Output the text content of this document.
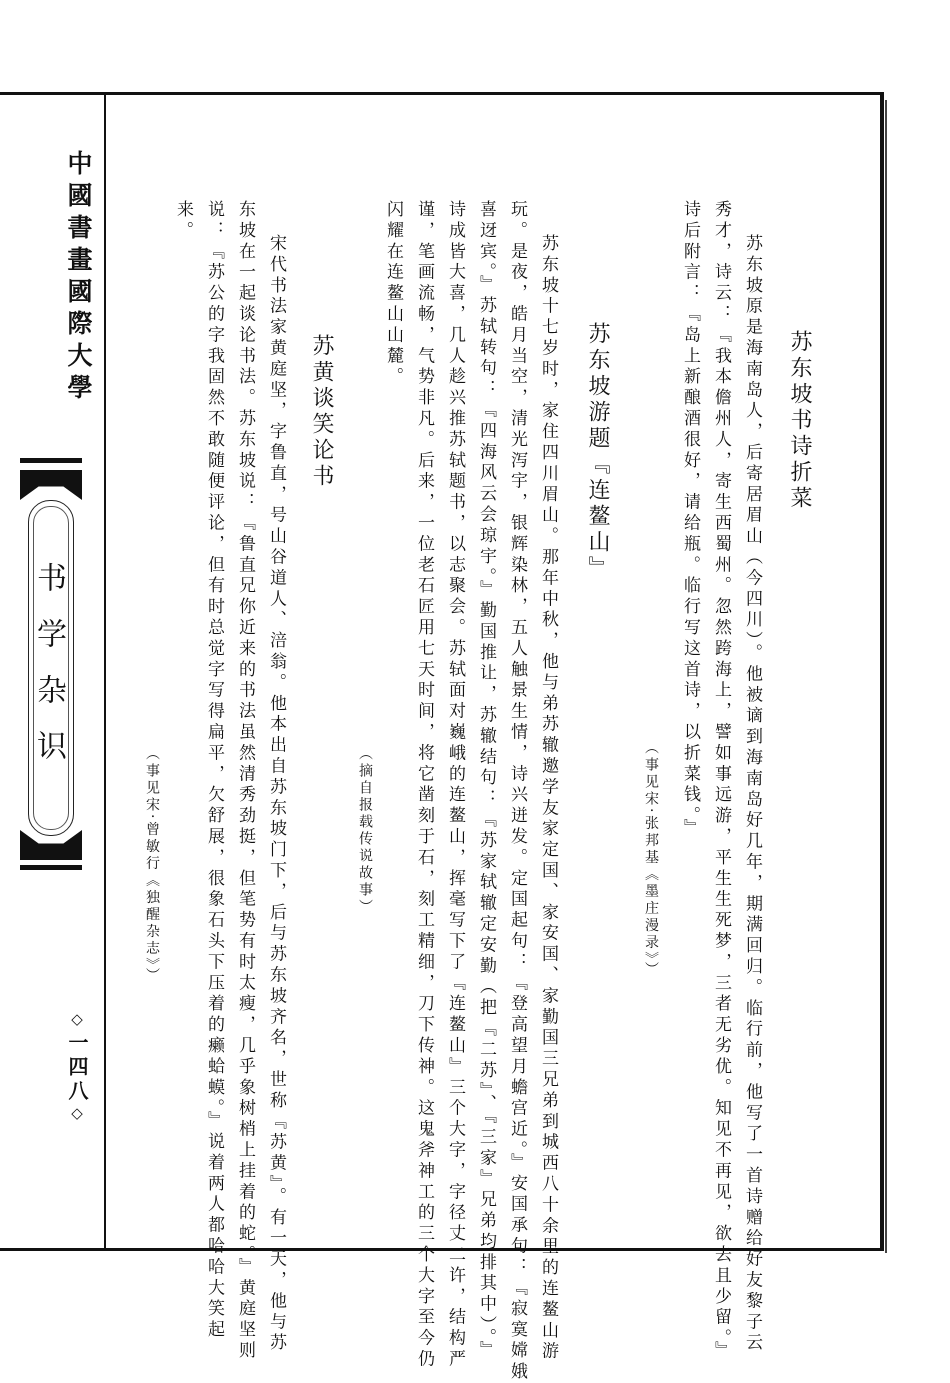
中國書畫國際大學
书学杂识
◇一四八◇
苏东坡书诗折菜
苏东坡原是海南岛人，后寄居眉山（今四川）。他被谪到海南岛好几年，期满回归。临行前，他写了一首诗赠给好友黎子云
秀才，诗云：『我本儋州人，寄生西蜀州。忽然跨海上，譬如事远游，平生生死梦，三者无劣优。知见不再见，欲去且少留。』
诗后附言：『岛上新酿酒很好，请给瓶。临行写这首诗，以折菜钱。』
（事见宋·张邦基《墨庄漫录》）
苏东坡游题『连鳌山』
苏东坡十七岁时，家住四川眉山。那年中秋，他与弟苏辙邀学友家定国、家安国、家勤国三兄弟到城西八十余里的连鳌山游
玩。是夜，皓月当空，清光泻宇，银辉染林，五人触景生情，诗兴迸发。定国起句：『登高望月蟾宫近。』安国承句：『寂寞嫦娥
喜迓宾。』苏轼转句：『四海风云会琼宇。』勤国推让，苏辙结句：『苏家轼辙定安勤（把『二苏』、『三家』兄弟均排其中）。』
诗成皆大喜，几人趁兴推苏轼题书，以志聚会。苏轼面对巍峨的连鳌山，挥毫写下了『连鳌山』三个大字，字径丈二许，结构严
谨，笔画流畅，气势非凡。后来，一位老石匠用七天时间，将它凿刻于石，刻工精细，刀下传神。这鬼斧神工的三个大字至今仍
闪耀在连鳌山山麓。
（摘自报载传说故事）
苏黄谈笑论书
宋代书法家黄庭坚，字鲁直，号山谷道人、涪翁。他本出自苏东坡门下，后与苏东坡齐名，世称『苏黄』。有一天，他与苏
东坡在一起谈论书法。苏东坡说：『鲁直兄你近来的书法虽然清秀劲挺，但笔势有时太瘦，几乎象树梢上挂着的蛇。』黄庭坚则
说：『苏公的字我固然不敢随便评论，但有时总觉字写得扁平，欠舒展，很象石头下压着的癞蛤蟆。』说着两人都哈哈大笑起
来。
（事见宋·曾敏行《独醒杂志》）
